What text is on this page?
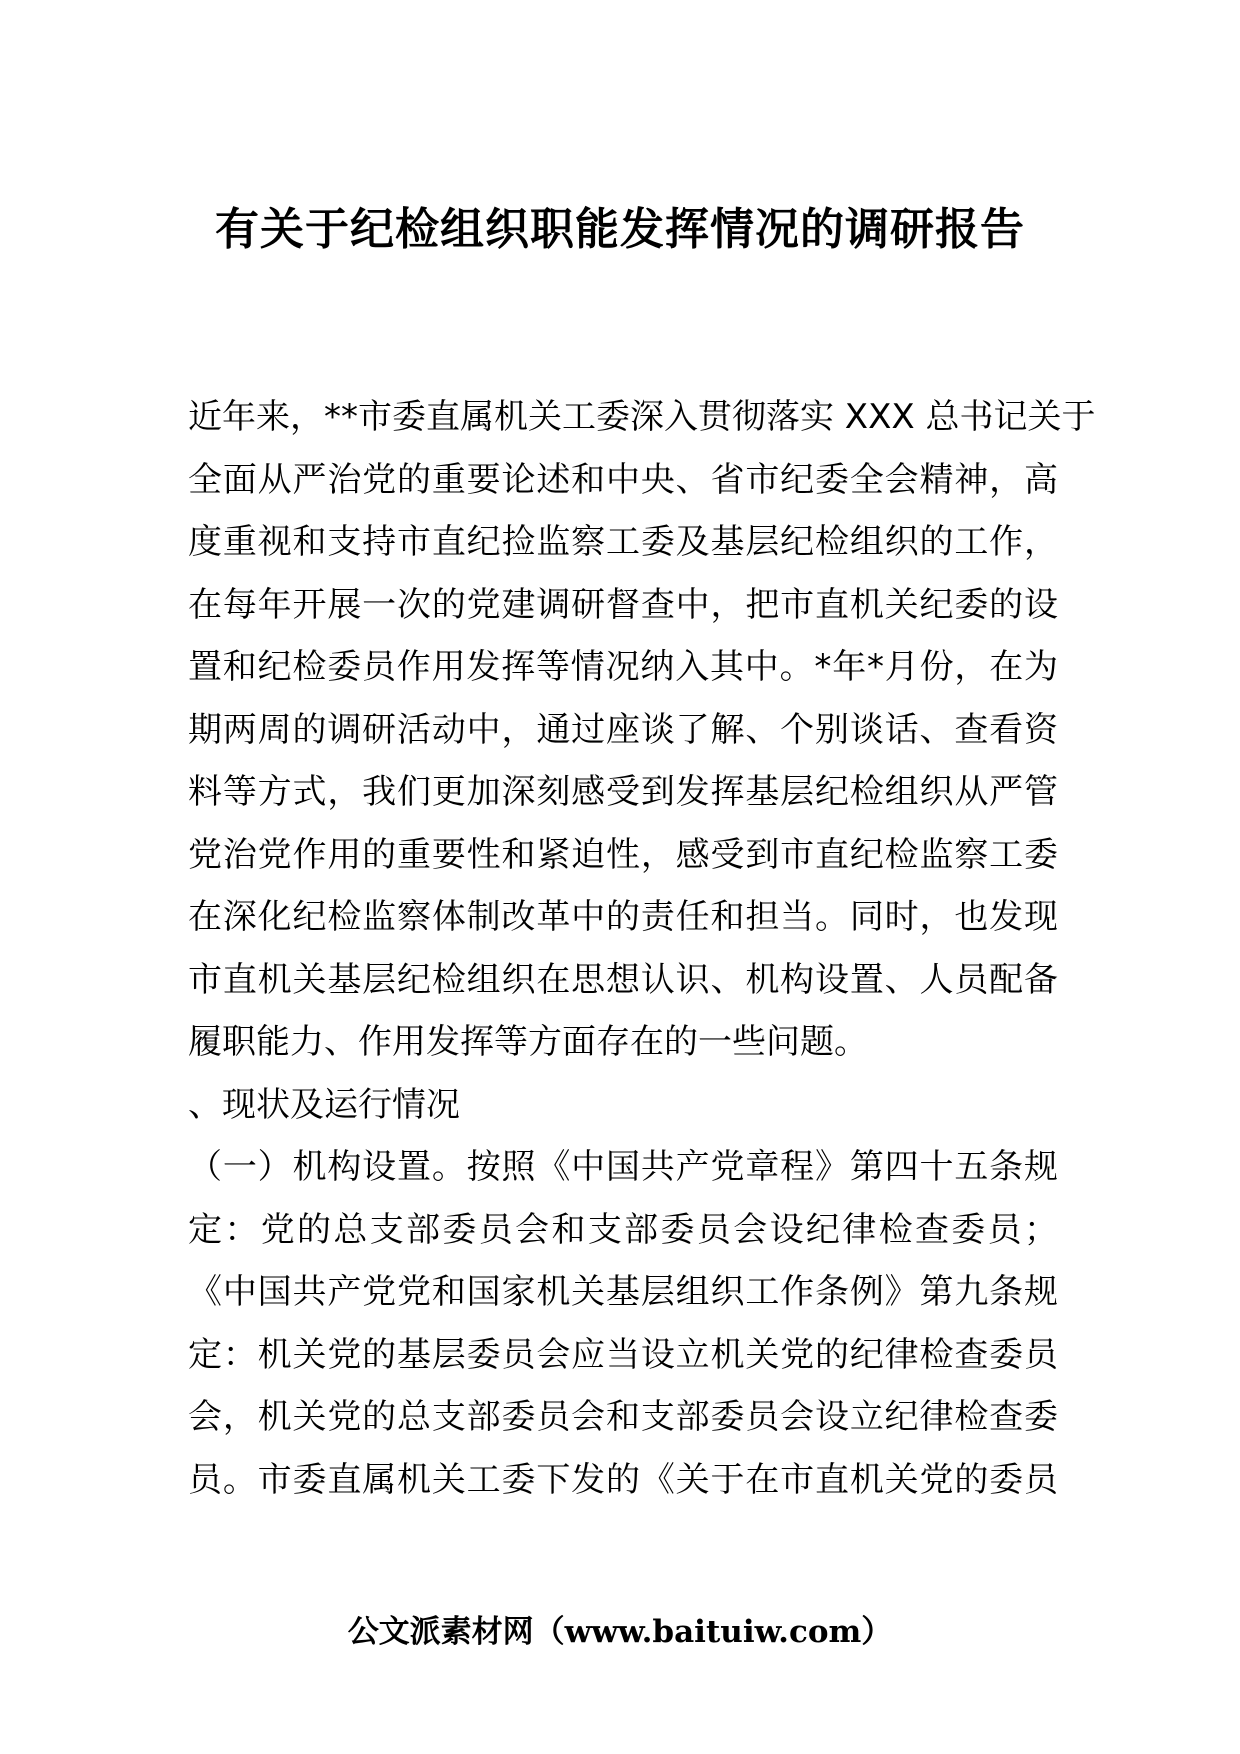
有关于纪检组织职能发挥情况的调研报告
近年来，**市委直属机关工委深入贯彻落实 XXX 总书记关于
全面从严治党的重要论述和中央、省市纪委全会精神，高
度重视和支持市直纪捡监察工委及基层纪检组织的工作，
在每年开展一次的党建调研督查中，把市直机关纪委的设
置和纪检委员作用发挥等情况纳入其中。*年*月份，在为
期两周的调研活动中，通过座谈了解、个别谈话、查看资
料等方式，我们更加深刻感受到发挥基层纪检组织从严管
党治党作用的重要性和紧迫性，感受到市直纪检监察工委
在深化纪检监察体制改革中的责任和担当。同时，也发现
市直机关基层纪检组织在思想认识、机构设置、人员配备
履职能力、作用发挥等方面存在的一些问题。
、现状及运行情况
（一）机构设置。按照《中国共产党章程》第四十五条规
定：党的总支部委员会和支部委员会设纪律检查委员；
《中国共产党党和国家机关基层组织工作条例》第九条规
定：机关党的基层委员会应当设立机关党的纪律检查委员
会，机关党的总支部委员会和支部委员会设立纪律检查委
员。市委直属机关工委下发的《关于在市直机关党的委员
公文派素材网（www.baituiw.com）
